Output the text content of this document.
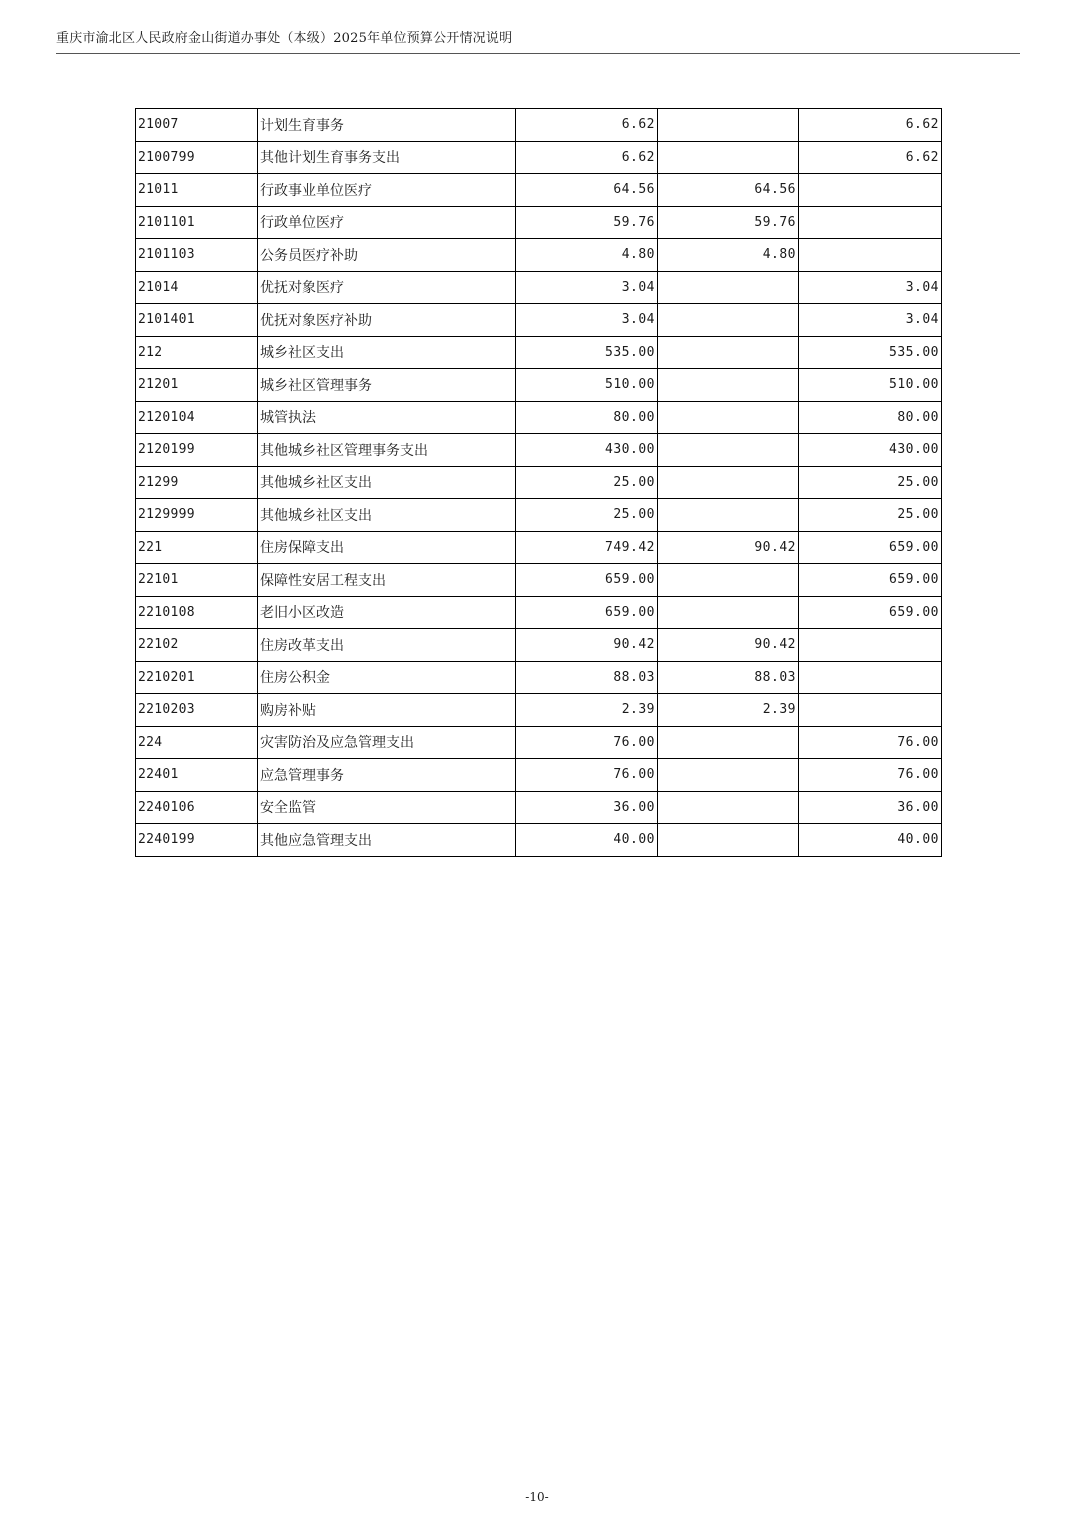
重庆市渝北区人民政府金山街道办事处（本级）2025年单位预算公开情况说明
21007	计划生育事务	6.62		6.62
2100799	其他计划生育事务支出	6.62		6.62
21011	行政事业单位医疗	64.56	64.56	
2101101	行政单位医疗	59.76	59.76	
2101103	公务员医疗补助	4.80	4.80	
21014	优抚对象医疗	3.04		3.04
2101401	优抚对象医疗补助	3.04		3.04
212	城乡社区支出	535.00		535.00
21201	城乡社区管理事务	510.00		510.00
2120104	城管执法	80.00		80.00
2120199	其他城乡社区管理事务支出	430.00		430.00
21299	其他城乡社区支出	25.00		25.00
2129999	其他城乡社区支出	25.00		25.00
221	住房保障支出	749.42	90.42	659.00
22101	保障性安居工程支出	659.00		659.00
2210108	老旧小区改造	659.00		659.00
22102	住房改革支出	90.42	90.42	
2210201	住房公积金	88.03	88.03	
2210203	购房补贴	2.39	2.39	
224	灾害防治及应急管理支出	76.00		76.00
22401	应急管理事务	76.00		76.00
2240106	安全监管	36.00		36.00
2240199	其他应急管理支出	40.00		40.00
-10-
